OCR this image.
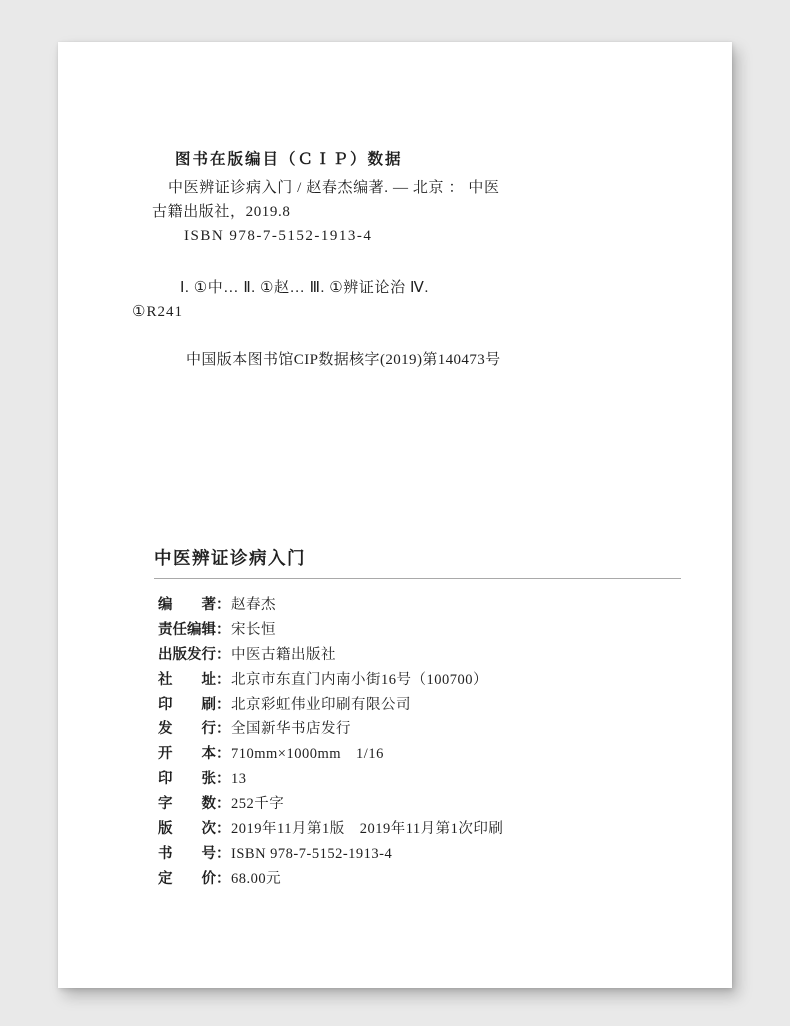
图书在版编目（ＣＩＰ）数据
中医辨证诊病入门 / 赵春杰编著. — 北京 ： 中医
古籍出版社，2019.8
ISBN 978-7-5152-1913-4
Ⅰ. ①中… Ⅱ. ①赵… Ⅲ. ①辨证论治 Ⅳ.
①R241
中国版本图书馆CIP数据核字(2019)第140473号
中医辨证诊病入门
编　　著：赵春杰
责任编辑：宋长恒
出版发行：中医古籍出版社
社　　址：北京市东直门内南小街16号（100700）
印　　刷：北京彩虹伟业印刷有限公司
发　　行：全国新华书店发行
开　　本：710mm×1000mm　1/16
印　　张：13
字　　数：252千字
版　　次：2019年11月第1版　2019年11月第1次印刷
书　　号：ISBN 978-7-5152-1913-4
定　　价：68.00元
